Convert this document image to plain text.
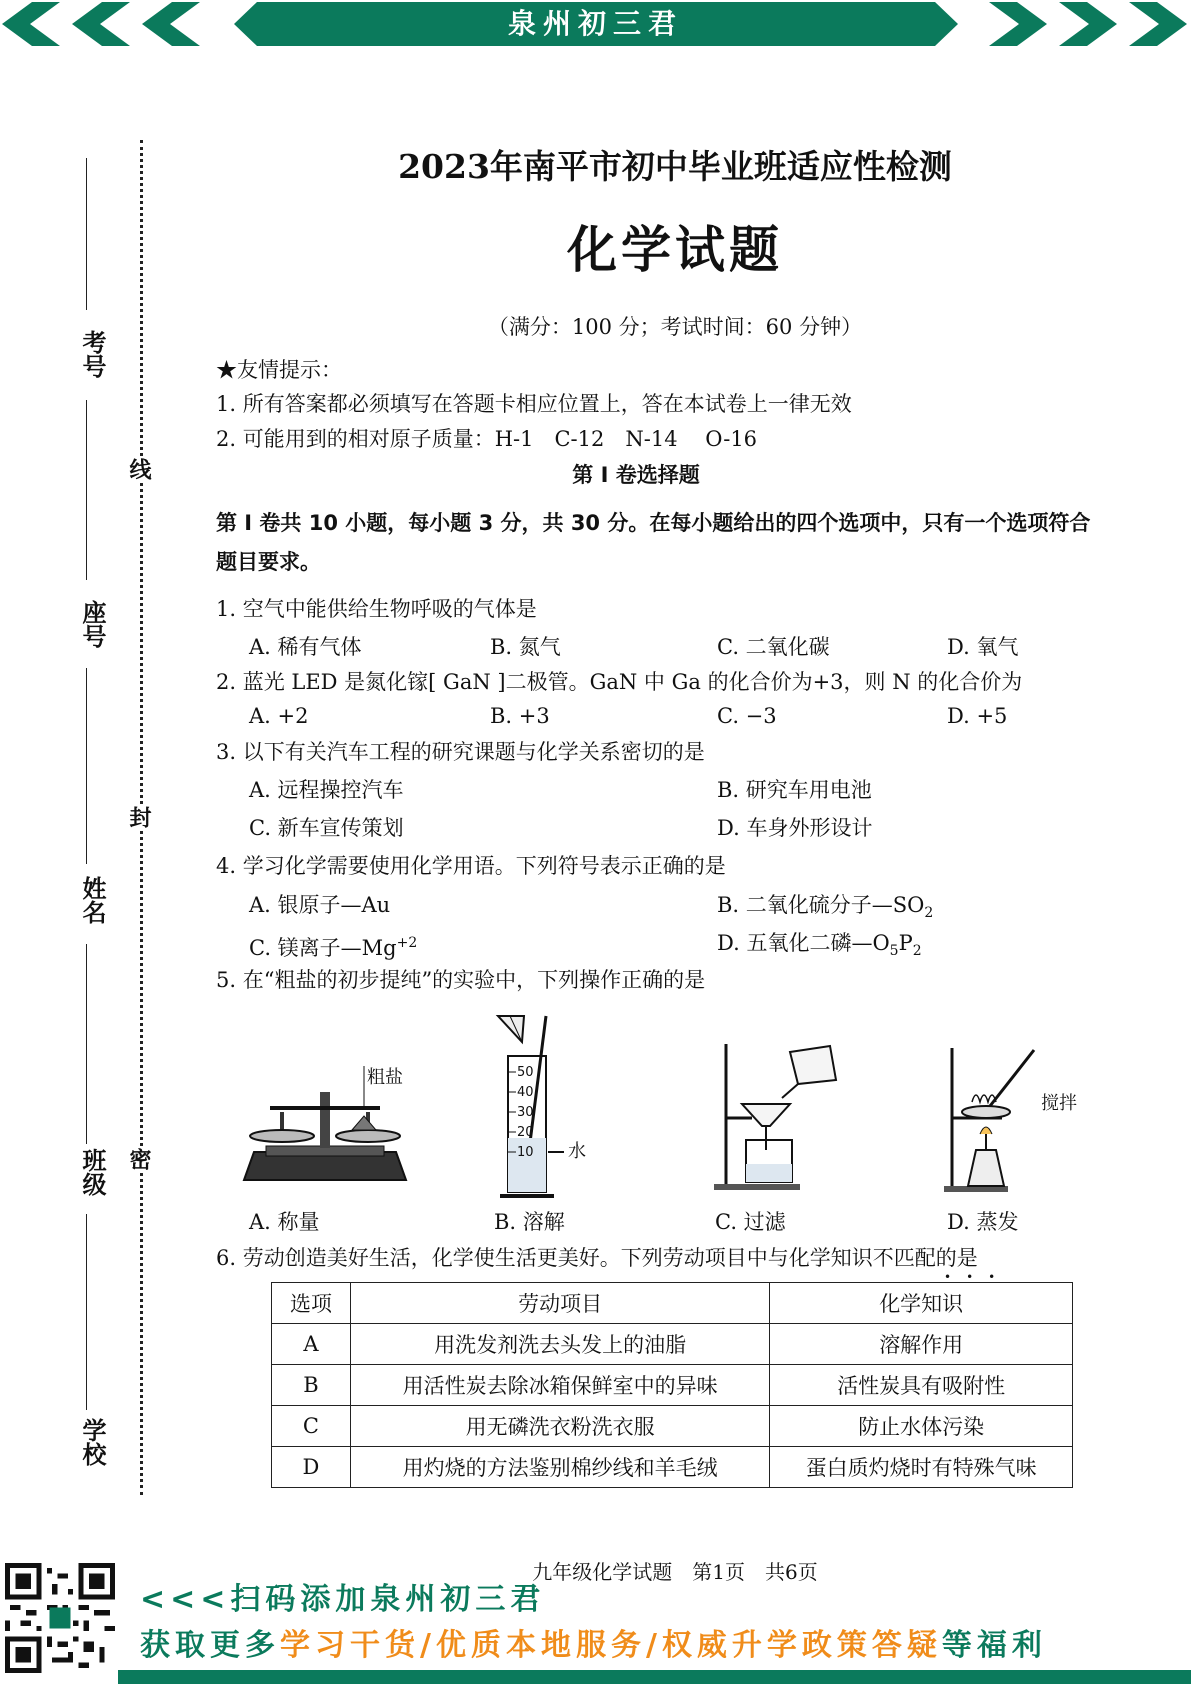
泉州初三君
考号
座号
姓名
班级
学校
线
封
密
2023年南平市初中毕业班适应性检测
化学试题
（满分：100 分；考试时间：60 分钟）
★友情提示：
1. 所有答案都必须填写在答题卡相应位置上，答在本试卷上一律无效
2. 可能用到的相对原子质量：H-1　C-12　N-14　 O-16
第 Ⅰ 卷选择题
第 Ⅰ 卷共 10 小题，每小题 3 分，共 30 分。在每小题给出的四个选项中，只有一个选项符合
题目要求。
1. 空气中能供给生物呼吸的气体是
A. 稀有气体	B. 氮气	C. 二氧化碳	D. 氧气
2. 蓝光 LED 是氮化镓[ GaN ]二极管。GaN 中 Ga 的化合价为+3，则 N 的化合价为
A. +2	B. +3	C. −3	D. +5
3. 以下有关汽车工程的研究课题与化学关系密切的是
A. 远程操控汽车	B. 研究车用电池
C. 新车宣传策划	D. 车身外形设计
4. 学习化学需要使用化学用语。下列符号表示正确的是
A. 银原子—Au	B. 二氧化硫分子$—SO_2$
C. 镁离子$—Mg^{+2}$	D. 五氧化二磷$—O_5P_2$
5. 在“粗盐的初步提纯”的实验中，下列操作正确的是
粗盐	50
40
30
20
10 水
搅拌
A. 称量	B. 溶解	C. 过滤	D. 蒸发
6. 劳动创造美好生活，化学使生活更美好。下列劳动项目中与化学知识不匹配的是
•••
选项	劳动项目	化学知识
A	用洗发剂洗去头发上的油脂	溶解作用
B	用活性炭去除冰箱保鲜室中的异味	活性炭具有吸附性
C	用无磷洗衣粉洗衣服	防止水体污染
D	用灼烧的方法鉴别棉纱线和羊毛绒	蛋白质灼烧时有特殊气味
九年级化学试题　第1页　共6页
<<<扫码添加泉州初三君
获取更多学习干货/优质本地服务/权威升学政策答疑等福利
